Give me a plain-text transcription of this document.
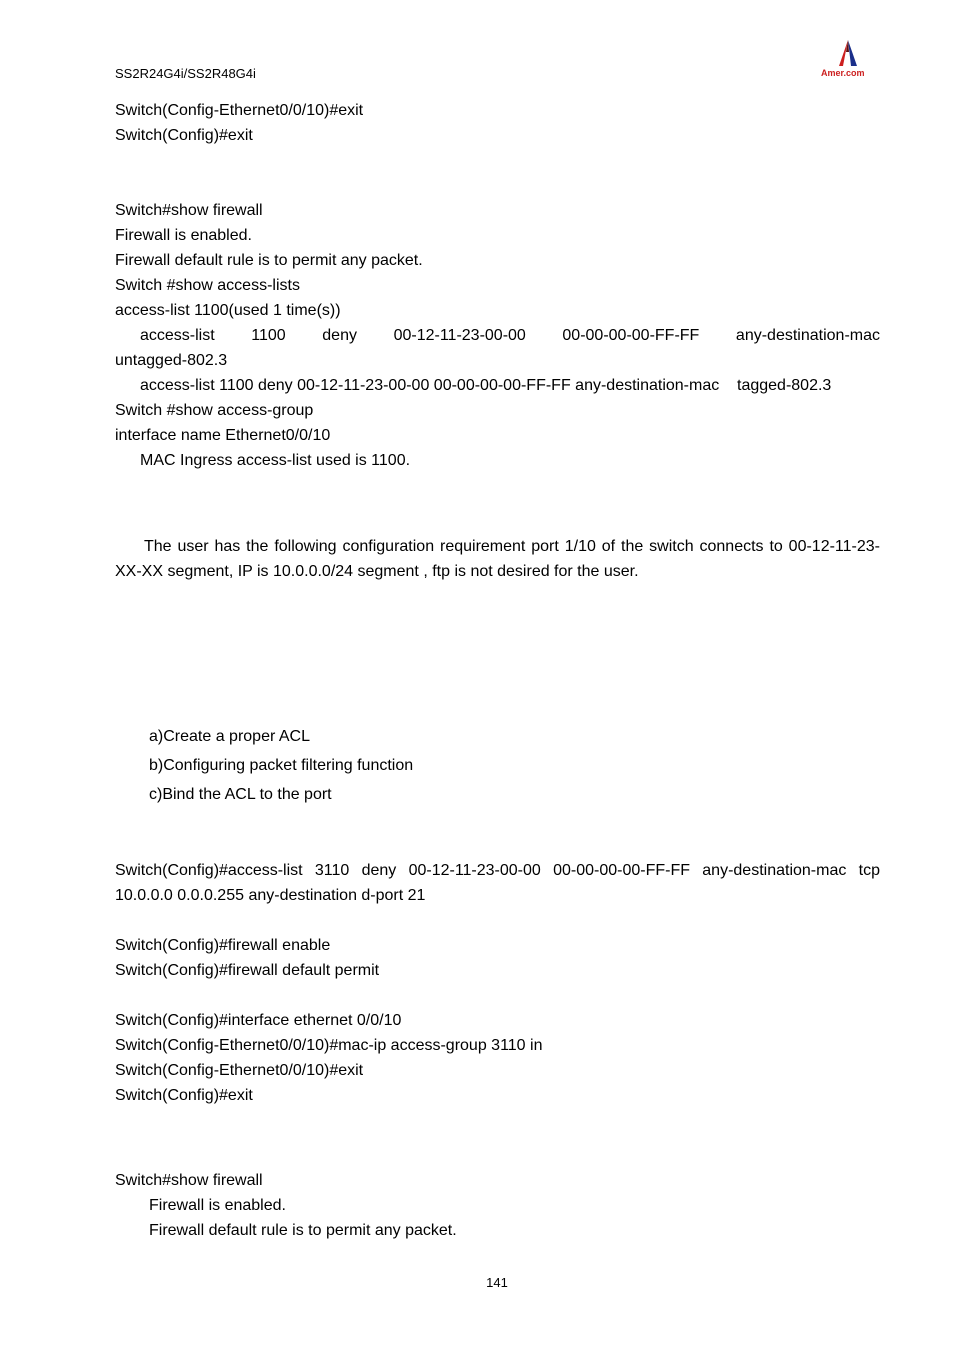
SS2R24G4i/SS2R48G4i	Amer.com
Switch(Config-Ethernet0/0/10)#exit
Switch(Config)#exit
Switch#show firewall
Firewall is enabled.
Firewall default rule is to permit any packet.
Switch #show access-lists
access-list 1100(used 1 time(s))
access-list 1100 deny 00-12-11-23-00-00 00-00-00-00-FF-FF any-destination-mac
untagged-802.3
access-list 1100 deny 00-12-11-23-00-00 00-00-00-00-FF-FF any-destination-mac    tagged-802.3
Switch #show access-group
interface name Ethernet0/0/10
MAC Ingress access-list used is 1100.
The user has the following configuration requirement port 1/10 of the switch connects to 00-12-11-23-XX-XX segment, IP is 10.0.0.0/24 segment , ftp is not desired for the user.
a)Create a proper ACL
b)Configuring packet filtering function
c)Bind the ACL to the port
Switch(Config)#access-list 3110 deny 00-12-11-23-00-00 00-00-00-00-FF-FF any-destination-mac tcp
10.0.0.0 0.0.0.255 any-destination d-port 21
Switch(Config)#firewall enable
Switch(Config)#firewall default permit
Switch(Config)#interface ethernet 0/0/10
Switch(Config-Ethernet0/0/10)#mac-ip access-group 3110 in
Switch(Config-Ethernet0/0/10)#exit
Switch(Config)#exit
Switch#show firewall
Firewall is enabled.
Firewall default rule is to permit any packet.
141
